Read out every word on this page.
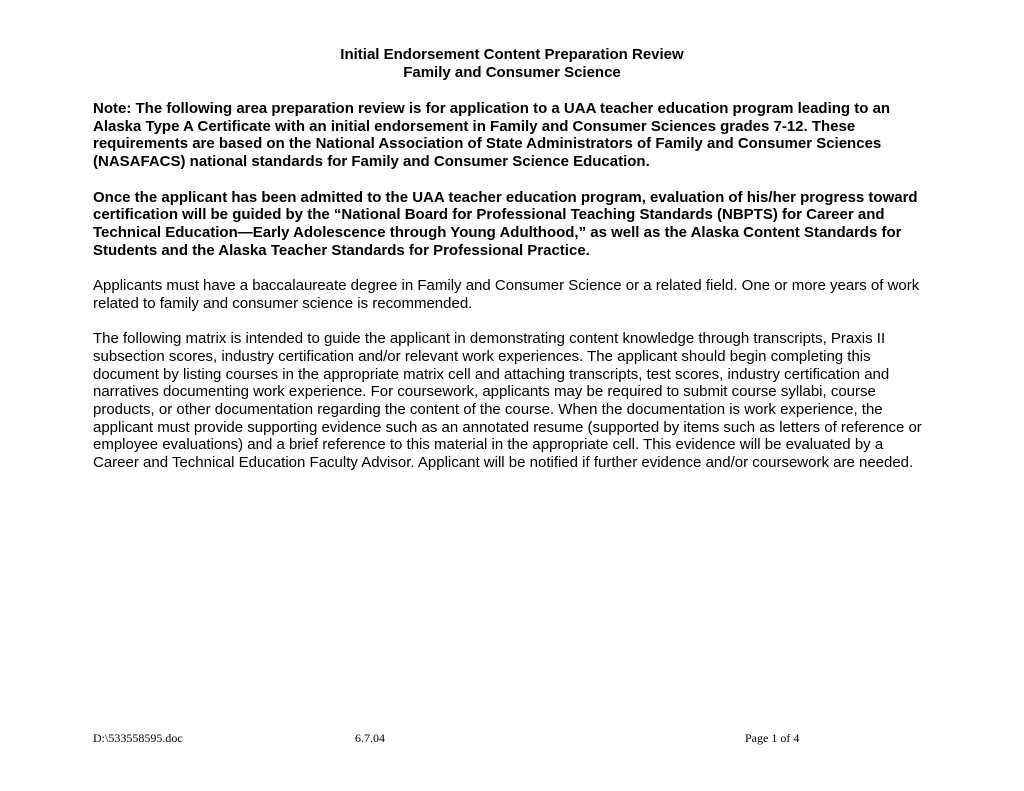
Initial Endorsement Content Preparation Review
Family and Consumer Science

Note: The following area preparation review is for application to a UAA teacher education program leading to an Alaska Type A Certificate with an initial endorsement in Family and Consumer Sciences grades 7-12. These requirements are based on the National Association of State Administrators of Family and Consumer Sciences (NASAFACS) national standards for Family and Consumer Science Education.

Once the applicant has been admitted to the UAA teacher education program, evaluation of his/her progress toward certification will be guided by the “National Board for Professional Teaching Standards (NBPTS) for Career and Technical Education—Early Adolescence through Young Adulthood,” as well as the Alaska Content Standards for Students and the Alaska Teacher Standards for Professional Practice.

Applicants must have a baccalaureate degree in Family and Consumer Science or a related field. One or more years of work related to family and consumer science is recommended.

The following matrix is intended to guide the applicant in demonstrating content knowledge through transcripts, Praxis II subsection scores, industry certification and/or relevant work experiences. The applicant should begin completing this document by listing courses in the appropriate matrix cell and attaching transcripts, test scores, industry certification and narratives documenting work experience. For coursework, applicants may be required to submit course syllabi, course products, or other documentation regarding the content of the course. When the documentation is work experience, the applicant must provide supporting evidence such as an annotated resume (supported by items such as letters of reference or employee evaluations) and a brief reference to this material in the appropriate cell. This evidence will be evaluated by a Career and Technical Education Faculty Advisor. Applicant will be notified if further evidence and/or coursework are needed.

D:\533558595.doc	6.7.04	Page 1 of 4
